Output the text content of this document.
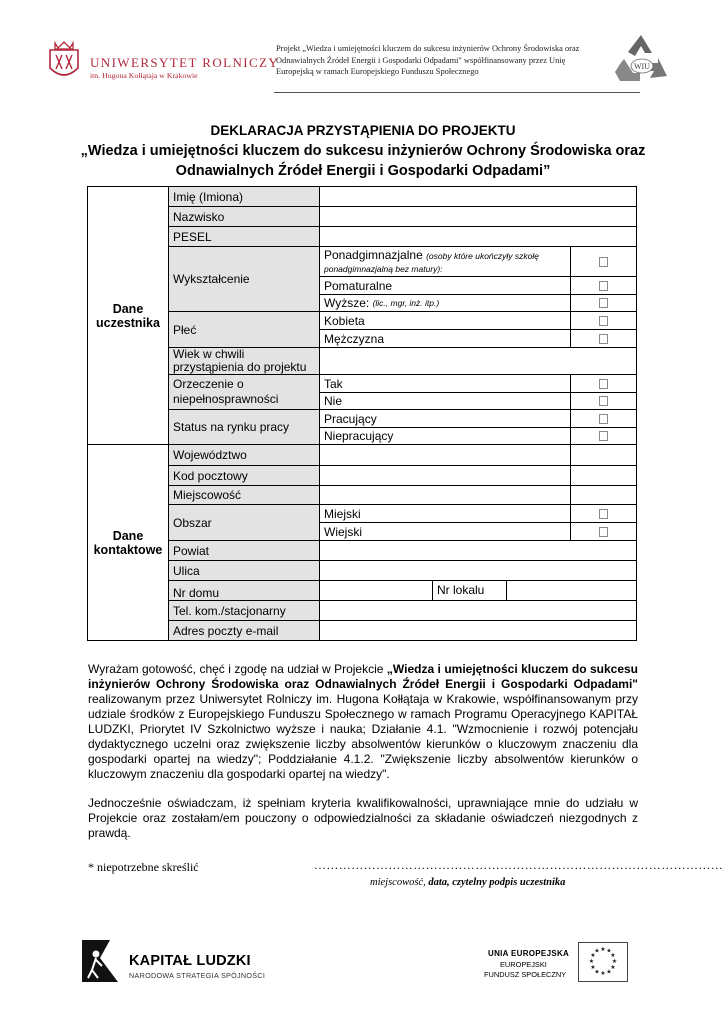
UNIWERSYTET ROLNICZY
im. Hugona Kołłątaja w Krakowie
Projekt „Wiedza i umiejętności kluczem do sukcesu inżynierów Ochrony Środowiska oraz Odnawialnych Źródeł Energii i Gospodarki Odpadami" współfinansowany przez Unię Europejską w ramach Europejskiego Funduszu Społecznego
WIU
DEKLARACJA PRZYSTĄPIENIA DO PROJEKTU
„Wiedza i umiejętności kluczem do sukcesu inżynierów Ochrony Środowiska oraz
Odnawialnych Źródeł Energii i Gospodarki Odpadami”
Dane uczestnika
Dane kontaktowe
Imię (Imiona)
Nazwisko
PESEL
Wykształcenie
Ponadgimnazjalne (osoby które ukończyły szkołę ponadgimnazjalną bez matury):
Pomaturalne
Wyższe:
(lic., mgr, inż. itp.)
Płeć
Kobieta
Mężczyzna
Wiek w chwili przystąpienia do projektu
Orzeczenie o niepełnosprawności
Tak
Nie
Status na rynku pracy
Pracujący
Niepracujący
Województwo
Kod pocztowy
Miejscowość
Obszar
Miejski
Wiejski
Powiat
Ulica
Nr domu	Nr lokalu
Tel. kom./stacjonarny
Adres poczty e-mail
Wyrażam gotowość, chęć i zgodę na udział w Projekcie „Wiedza i umiejętności kluczem do sukcesu inżynierów Ochrony Środowiska oraz Odnawialnych Źródeł Energii i Gospodarki Odpadami" realizowanym przez Uniwersytet Rolniczy im. Hugona Kołłątaja w Krakowie, współfinansowanym przy udziale środków z Europejskiego Funduszu Społecznego w ramach Programu Operacyjnego KAPITAŁ LUDZKI, Priorytet IV Szkolnictwo wyższe i nauka; Działanie 4.1. "Wzmocnienie i rozwój potencjału dydaktycznego uczelni oraz zwiększenie liczby absolwentów kierunków o kluczowym znaczeniu dla gospodarki opartej na wiedzy"; Poddziałanie 4.1.2. "Zwiększenie liczby absolwentów kierunków o kluczowym znaczeniu dla gospodarki opartej na wiedzy".
Jednocześnie oświadczam, iż spełniam kryteria kwalifikowalności, uprawniające mnie do udziału w Projekcie oraz zostałam/em pouczony o odpowiedzialności za składanie oświadczeń niezgodnych z prawdą.
* niepotrzebne skreślić	………………………………………………………………………………………
miejscowość, data, czytelny podpis uczestnika
KAPITAŁ LUDZKI
NARODOWA STRATEGIA SPÓJNOŚCI
UNIA EUROPEJSKA
EUROPEJSKI
FUNDUSZ SPOŁECZNY
★ ★
★
★
★
★
★
★
★
★
★
★
